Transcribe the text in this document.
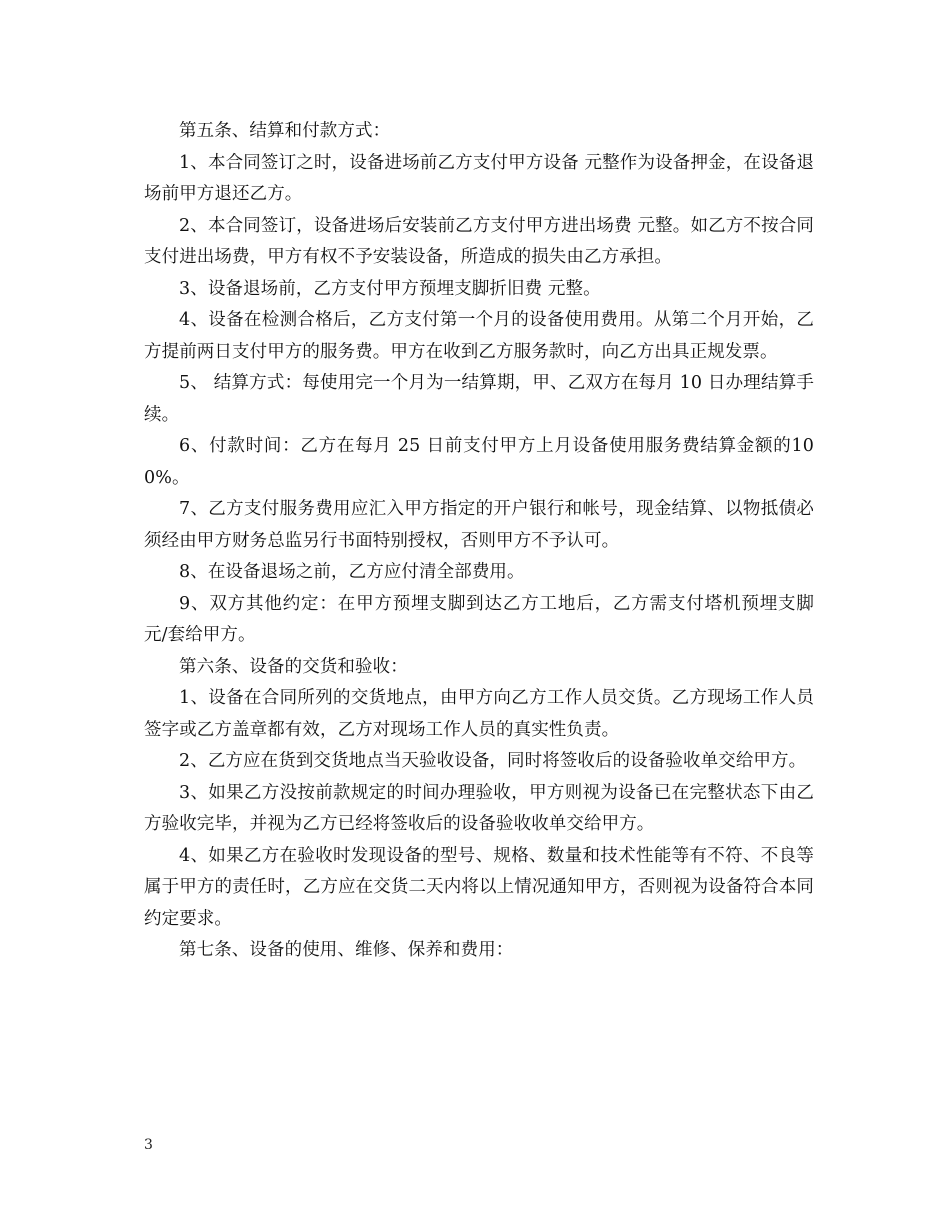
第五条、结算和付款方式：

1、本合同签订之时，设备进场前乙方支付甲方设备 元整作为设备押金，在设备退场前甲方退还乙方。

2、本合同签订，设备进场后安装前乙方支付甲方进出场费 元整。如乙方不按合同支付进出场费，甲方有权不予安装设备，所造成的损失由乙方承担。

3、设备退场前，乙方支付甲方预埋支脚折旧费 元整。

4、设备在检测合格后，乙方支付第一个月的设备使用费用。从第二个月开始，乙方提前两日支付甲方的服务费。甲方在收到乙方服务款时，向乙方出具正规发票。

5、 结算方式：每使用完一个月为一结算期，甲、乙双方在每月 10 日办理结算手续。

6、付款时间：乙方在每月 25 日前支付甲方上月设备使用服务费结算金额的100%。

7、乙方支付服务费用应汇入甲方指定的开户银行和帐号，现金结算、以物抵债必须经由甲方财务总监另行书面特别授权，否则甲方不予认可。

8、在设备退场之前，乙方应付清全部费用。

9、双方其他约定：在甲方预埋支脚到达乙方工地后，乙方需支付塔机预埋支脚 元/套给甲方。

第六条、设备的交货和验收：

1、设备在合同所列的交货地点，由甲方向乙方工作人员交货。乙方现场工作人员签字或乙方盖章都有效，乙方对现场工作人员的真实性负责。

2、乙方应在货到交货地点当天验收设备，同时将签收后的设备验收单交给甲方。

3、如果乙方没按前款规定的时间办理验收，甲方则视为设备已在完整状态下由乙方验收完毕，并视为乙方已经将签收后的设备验收收单交给甲方。

4、如果乙方在验收时发现设备的型号、规格、数量和技术性能等有不符、不良等属于甲方的责任时，乙方应在交货二天内将以上情况通知甲方，否则视为设备符合本同约定要求。

第七条、设备的使用、维修、保养和费用：

3
